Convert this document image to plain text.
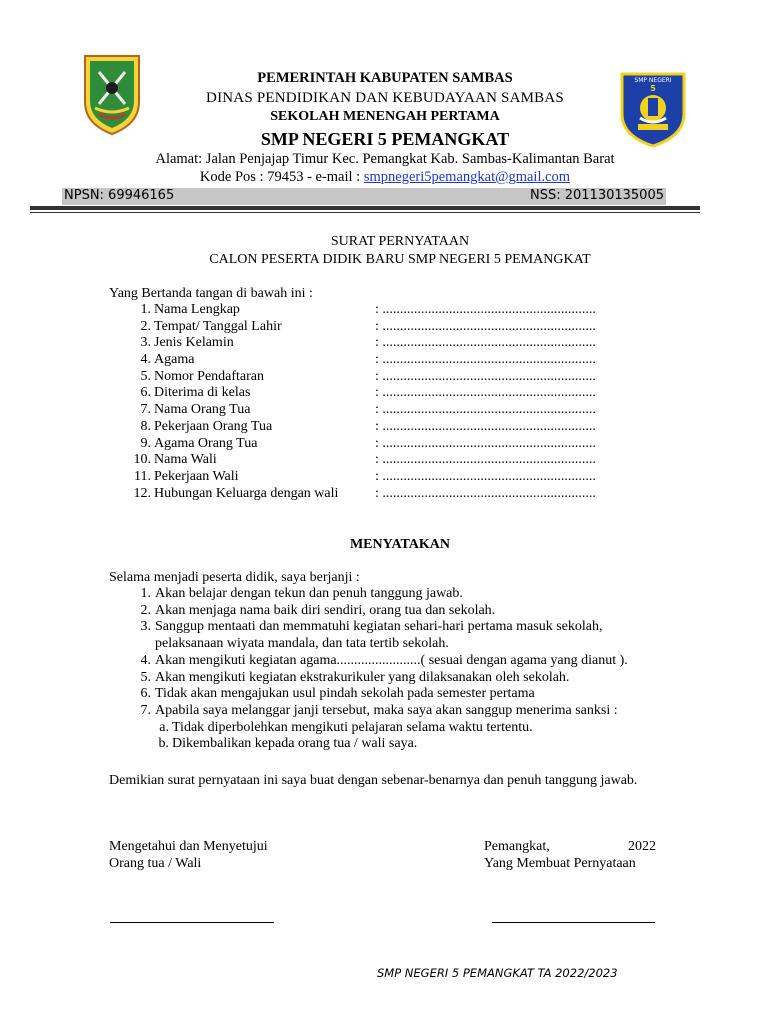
SMP NEGERI
5
PEMERINTAH KABUPATEN SAMBAS
DINAS PENDIDIKAN DAN KEBUDAYAAN SAMBAS
SEKOLAH MENENGAH PERTAMA
SMP NEGERI 5 PEMANGKAT
Alamat: Jalan Penjajap Timur Kec. Pemangkat Kab. Sambas-Kalimantan Barat
Kode Pos : 79453 - e-mail : smpnegeri5pemangkat@gmail.com
NPSN: 69946165	NSS: 201130135005
SURAT PERNYATAAN
CALON PESERTA DIDIK BARU SMP NEGERI 5 PEMANGKAT
Yang Bertanda tangan di bawah ini :
1. Nama Lengkap	: .............................................................
2. Tempat/ Tanggal Lahir	: .............................................................
3. Jenis Kelamin	: .............................................................
4. Agama	: .............................................................
5. Nomor Pendaftaran	: .............................................................
6. Diterima di kelas	: .............................................................
7. Nama Orang Tua	: .............................................................
8. Pekerjaan Orang Tua	: .............................................................
9. Agama Orang Tua	: .............................................................
10. Nama Wali	: .............................................................
11. Pekerjaan Wali	: .............................................................
12. Hubungan Keluarga dengan wali	: .............................................................
MENYATAKAN
Selama menjadi peserta didik, saya berjanji :
1. Akan belajar dengan tekun dan penuh tanggung jawab.
2. Akan menjaga nama baik diri sendiri, orang tua dan sekolah.
3. Sanggup mentaati dan memmatuhi kegiatan sehari-hari pertama masuk sekolah,
pelaksanaan wiyata mandala, dan tata tertib sekolah.
4. Akan mengikuti kegiatan agama........................( sesuai dengan agama yang dianut ).
5. Akan mengikuti kegiatan ekstrakurikuler yang dilaksanakan oleh sekolah.
6. Tidak akan mengajukan usul pindah sekolah pada semester pertama
7. Apabila saya melanggar janji tersebut, maka saya akan sanggup menerima sanksi :
a. Tidak diperbolehkan mengikuti pelajaran selama waktu tertentu.
b. Dikembalikan kepada orang tua / wali saya.
Demikian surat pernyataan ini saya buat dengan sebenar-benarnya dan penuh tanggung jawab.
Mengetahui dan Menyetujui
Orang tua / Wali
Pemangkat,	2022
Yang Membuat Pernyataan
SMP NEGERI 5 PEMANGKAT TA 2022/2023
